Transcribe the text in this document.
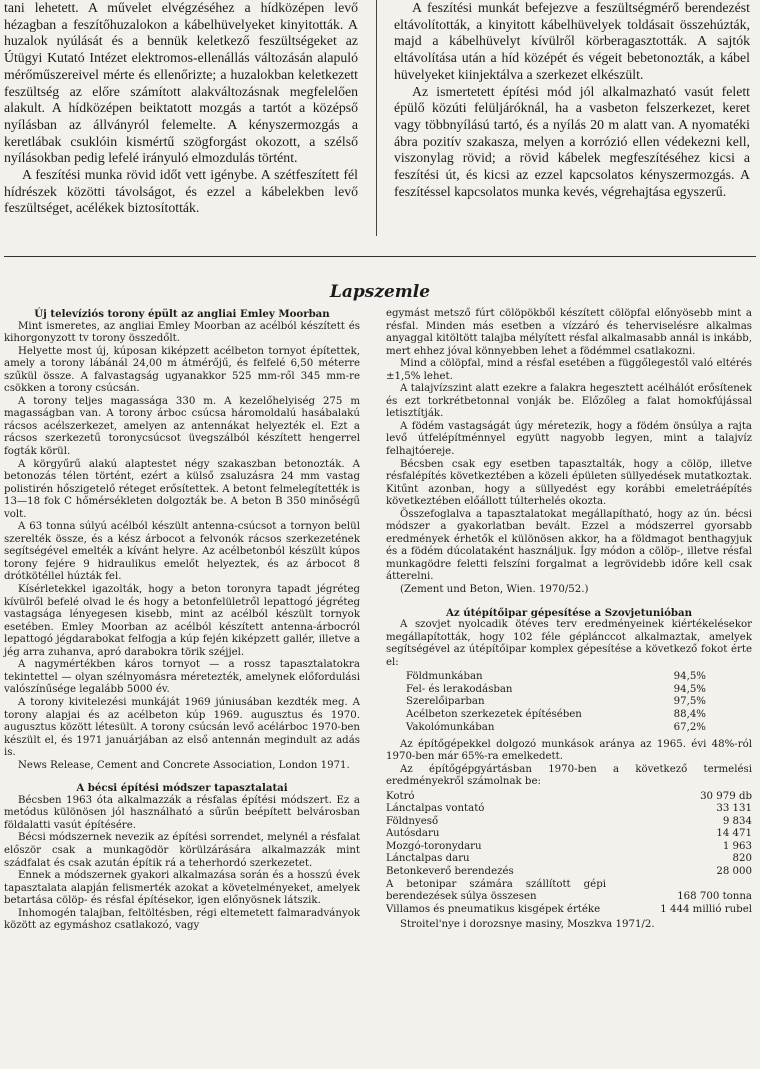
tani lehetett. A művelet elvégzéséhez a hídközépen levő hézagban a feszítőhuzalokon a kábelhüvelyeket kinyitották. A huzalok nyúlását és a bennük keletkező feszültségeket az Útügyi Kutató Intézet elektromos-ellenállás változásán alapuló mérőműszereivel mérte és ellenőrizte; a huzalokban keletkezett feszültség az előre számított alakváltozásnak megfelelően alakult. A hídközépen beiktatott mozgás a tartót a középső nyílásban az állványról felemelte. A kényszermozgás a keretlábak csuklóin kismértű szögforgást okozott, a szélső nyílásokban pedig lefelé irányuló elmozdulás történt.

A feszítési munka rövid időt vett igénybe. A szétfeszített fél hídrészek közötti távolságot, és ezzel a kábelekben levő feszültséget, acélékek biztosították.

A feszítési munkát befejezve a feszültségmérő berendezést eltávolították, a kinyitott kábelhüvelyek toldásait összehúzták, majd a kábelhüvelyt kívülről körberagasztották. A sajtók eltávolítása után a híd középét és végeit bebetonozták, a kábel hüvelyeket kiinjektálva a szerkezet elkészült.

Az ismertetett építési mód jól alkalmazható vasút felett épülő közúti felüljáróknál, ha a vasbeton felszerkezet, keret vagy többnyílású tartó, és a nyílás 20 m alatt van. A nyomatéki ábra pozitív szakasza, melyen a korrózió ellen védekezni kell, viszonylag rövid; a rövid kábelek megfeszítéséhez kicsi a feszítési út, és kicsi az ezzel kapcsolatos kényszermozgás. A feszítéssel kapcsolatos munka kevés, végrehajtása egyszerű.

Lapszemle

Új televíziós torony épült az angliai Emley Moorban

Mint ismeretes, az angliai Emley Moorban az acélból készített és kihorgonyzott tv torony összedőlt.

Helyette most új, kúposan kiképzett acélbeton tornyot építettek, amely a torony lábánál 24,00 m átmérőjű, és felfelé 6,50 méterre szűkül össze. A falvastagság ugyanakkor 525 mm-ről 345 mm-re csökken a torony csúcsán.

A torony teljes magassága 330 m. A kezelőhelyiség 275 m magasságban van. A torony árboc csúcsa háromoldalú hasábalakú rácsos acélszerkezet, amelyen az antennákat helyezték el. Ezt a rácsos szerkezetű toronycsúcsot üvegszálból készített hengerrel fogták körül.

A körgyűrű alakú alaptestet négy szakaszban betonozták. A betonozás télen történt, ezért a külső zsaluzásra 24 mm vastag polistirén hőszigetelő réteget erősítettek. A betont felmelegítették is 13—18 fok C hőmérsékleten dolgozták be. A beton B 350 minőségű volt.

A 63 tonna súlyú acélból készült antenna-csúcsot a tornyon belül szerelték össze, és a kész árbocot a felvonók rácsos szerkezetének segítségével emelték a kívánt helyre. Az acélbetonból készült kúpos torony fejére 9 hidraulikus emelőt helyeztek, és az árbocot 8 drótkötéllel húzták fel.

Kísérletekkel igazolták, hogy a beton toronyra tapadt jégréteg kívülről befelé olvad le és hogy a betonfelületről lepattogó jégréteg vastagsága lényegesen kisebb, mint az acélból készült tornyok esetében. Emley Moorban az acélból készített antenna-árbocról lepattogó jégdarabokat felfogja a kúp fején kiképzett gallér, illetve a jég arra zuhanva, apró darabokra törik széjjel.

A nagymértékben káros tornyot — a rossz tapasztalatokra tekintettel — olyan szélnyomásra méretezték, amelynek előfordulási valószínűsége legalább 5000 év.

A torony kivitelezési munkáját 1969 júniusában kezdték meg. A torony alapjai és az acélbeton kúp 1969. augusztus és 1970. augusztus között létesült. A torony csúcsán levő acélárboc 1970-ben készült el, és 1971 januárjában az első antennán megindult az adás is.

News Release, Cement and Concrete Association, London 1971.

A bécsi építési módszer tapasztalatai

Bécsben 1963 óta alkalmazzák a résfalas építési módszert. Ez a metódus különösen jól használható a sűrűn beépített belvárosban földalatti vasút építésére.

Bécsi módszernek nevezik az építési sorrendet, melynél a résfalat először csak a munkagödör körülzárására alkalmazzák mint szádfalat és csak azután építik rá a teherhordó szerkezetet.

Ennek a módszernek gyakori alkalmazása során és a hosszú évek tapasztalata alapján felismerték azokat a követelményeket, amelyek betartása cölöp- és résfal építésekor, igen előnyösnek látszik.

Inhomogén talajban, feltöltésben, régi eltemetett falmaradványok között az egymáshoz csatlakozó, vagy

egymást metsző fúrt cölöpökből készített cölöpfal előnyösebb mint a résfal. Minden más esetben a vízzáró és teherviselésre alkalmas anyaggal kitöltött talajba mélyített résfal alkalmasabb annál is inkább, mert ehhez jóval könnyebben lehet a födémmel csatlakozni.

Mind a cölöpfal, mind a résfal esetében a függőlegestől való eltérés ±1,5% lehet.

A talajvízszint alatt ezekre a falakra hegesztett acélhálót erősítenek és ezt torkrétbetonnal vonják be. Előzőleg a falat homokfújással letisztítják.

A födém vastagságát úgy méretezik, hogy a födém önsúlya a rajta levő útfelépítménnyel együtt nagyobb legyen, mint a talajvíz felhajtóereje.

Bécsben csak egy esetben tapasztalták, hogy a cölöp, illetve résfalépítés következtében a közeli épületen süllyedések mutatkoztak. Kitűnt azonban, hogy a süllyedést egy korábbi emeletráépítés következtében előállott túlterhelés okozta.

Összefoglalva a tapasztalatokat megállapítható, hogy az ún. bécsi módszer a gyakorlatban bevált. Ezzel a módszerrel gyorsabb eredmények érhetők el különösen akkor, ha a földmagot benthagyjuk és a födém dúcolataként használjuk. Így módon a cölöp-, illetve résfal munkagödre feletti felszíni forgalmat a legrövidebb időre kell csak átterelni.

(Zement und Beton, Wien. 1970/52.)

Az útépítőipar gépesítése a Szovjetunióban

A szovjet nyolcadik ötéves terv eredményeinek kiértékelésekor megállapították, hogy 102 féle géplánccot alkalmaztak, amelyek segítségével az útépítőipar komplex gépesítése a következő fokot érte el:

Földmunkában		94,5%
Fel- és lerakodásban		94,5%
Szerelőiparban		97,5%
Acélbeton szerkezetek építésében		88,4%
Vakolómunkában		67,2%

Az építőgépekkel dolgozó munkások aránya az 1965. évi 48%-ról 1970-ben már 65%-ra emelkedett.

Az építőgépgyártásban 1970-ben a következő termelési eredményekről számolnak be:

Kotró		30 979 db
Lánctalpas vontató		33 131
Földnyeső		9 834
Autósdaru		14 471
Mozgó-toronydaru		1 963
Lánctalpas daru		820
Betonkeverő berendezés		28 000
A betonipar számára szállított gépi berendezések súlya összesen		168 700 tonna
Villamos és pneumatikus kisgépek értéke		1 444 millió rubel

Stroitel'nye i dorozsnye masiny, Moszkva 1971/2.
